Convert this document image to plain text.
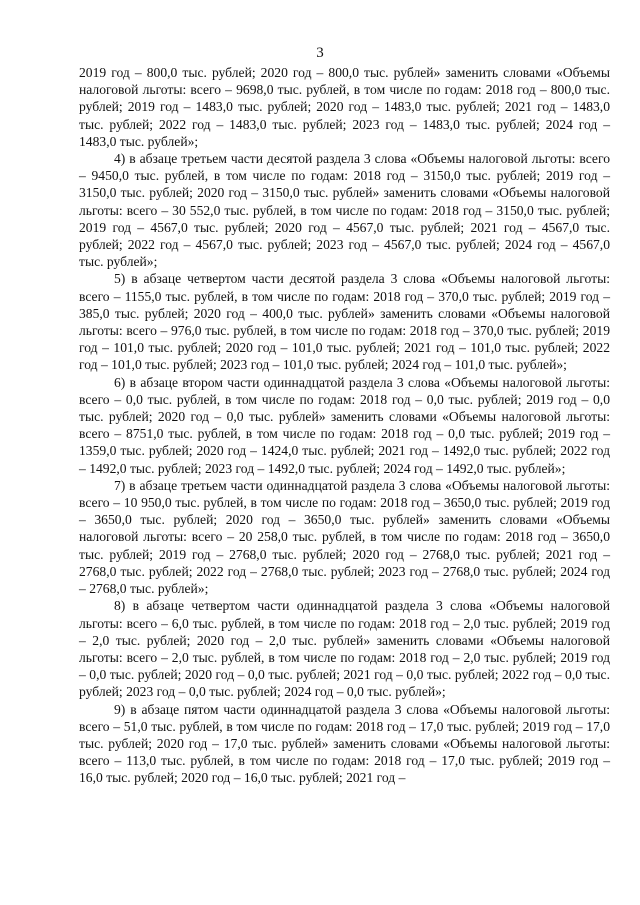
3

2019 год – 800,0 тыс. рублей; 2020 год – 800,0 тыс. рублей» заменить словами «Объемы налоговой льготы: всего – 9698,0 тыс. рублей, в том числе по годам: 2018 год – 800,0 тыс. рублей; 2019 год – 1483,0 тыс. рублей; 2020 год – 1483,0 тыс. рублей; 2021 год – 1483,0 тыс. рублей; 2022 год – 1483,0 тыс. рублей; 2023 год – 1483,0 тыс. рублей; 2024 год – 1483,0 тыс. рублей»;

4) в абзаце третьем части десятой раздела 3 слова «Объемы налоговой льготы: всего – 9450,0 тыс. рублей, в том числе по годам: 2018 год – 3150,0 тыс. рублей; 2019 год – 3150,0 тыс. рублей; 2020 год – 3150,0 тыс. рублей» заменить словами «Объемы налоговой льготы: всего – 30 552,0 тыс. рублей, в том числе по годам: 2018 год – 3150,0 тыс. рублей; 2019 год – 4567,0 тыс. рублей; 2020 год – 4567,0 тыс. рублей; 2021 год – 4567,0 тыс. рублей; 2022 год – 4567,0 тыс. рублей; 2023 год – 4567,0 тыс. рублей; 2024 год – 4567,0 тыс. рублей»;

5) в абзаце четвертом части десятой раздела 3 слова «Объемы налоговой льготы: всего – 1155,0 тыс. рублей, в том числе по годам: 2018 год – 370,0 тыс. рублей; 2019 год – 385,0 тыс. рублей; 2020 год – 400,0 тыс. рублей» заменить словами «Объемы налоговой льготы: всего – 976,0 тыс. рублей, в том числе по годам: 2018 год – 370,0 тыс. рублей; 2019 год – 101,0 тыс. рублей; 2020 год – 101,0 тыс. рублей; 2021 год – 101,0 тыс. рублей; 2022 год – 101,0 тыс. рублей; 2023 год – 101,0 тыс. рублей; 2024 год – 101,0 тыс. рублей»;

6) в абзаце втором части одиннадцатой раздела 3 слова «Объемы налоговой льготы: всего – 0,0 тыс. рублей, в том числе по годам: 2018 год – 0,0 тыс. рублей; 2019 год – 0,0 тыс. рублей; 2020 год – 0,0 тыс. рублей» заменить словами «Объемы налоговой льготы: всего – 8751,0 тыс. рублей, в том числе по годам: 2018 год – 0,0 тыс. рублей; 2019 год – 1359,0 тыс. рублей; 2020 год – 1424,0 тыс. рублей; 2021 год – 1492,0 тыс. рублей; 2022 год – 1492,0 тыс. рублей; 2023 год – 1492,0 тыс. рублей; 2024 год – 1492,0 тыс. рублей»;

7) в абзаце третьем части одиннадцатой раздела 3 слова «Объемы налоговой льготы: всего – 10 950,0 тыс. рублей, в том числе по годам: 2018 год – 3650,0 тыс. рублей; 2019 год – 3650,0 тыс. рублей; 2020 год – 3650,0 тыс. рублей» заменить словами «Объемы налоговой льготы: всего – 20 258,0 тыс. рублей, в том числе по годам: 2018 год – 3650,0 тыс. рублей; 2019 год – 2768,0 тыс. рублей; 2020 год – 2768,0 тыс. рублей; 2021 год – 2768,0 тыс. рублей; 2022 год – 2768,0 тыс. рублей; 2023 год – 2768,0 тыс. рублей; 2024 год – 2768,0 тыс. рублей»;

8) в абзаце четвертом части одиннадцатой раздела 3 слова «Объемы налоговой льготы: всего – 6,0 тыс. рублей, в том числе по годам: 2018 год – 2,0 тыс. рублей; 2019 год – 2,0 тыс. рублей; 2020 год – 2,0 тыс. рублей» заменить словами «Объемы налоговой льготы: всего – 2,0 тыс. рублей, в том числе по годам: 2018 год – 2,0 тыс. рублей; 2019 год – 0,0 тыс. рублей; 2020 год – 0,0 тыс. рублей; 2021 год – 0,0 тыс. рублей; 2022 год – 0,0 тыс. рублей; 2023 год – 0,0 тыс. рублей; 2024 год – 0,0 тыс. рублей»;

9) в абзаце пятом части одиннадцатой раздела 3 слова «Объемы налоговой льготы: всего – 51,0 тыс. рублей, в том числе по годам: 2018 год – 17,0 тыс. рублей; 2019 год – 17,0 тыс. рублей; 2020 год – 17,0 тыс. рублей» заменить словами «Объемы налоговой льготы: всего – 113,0 тыс. рублей, в том числе по годам: 2018 год – 17,0 тыс. рублей; 2019 год – 16,0 тыс. рублей; 2020 год – 16,0 тыс. рублей; 2021 год –
